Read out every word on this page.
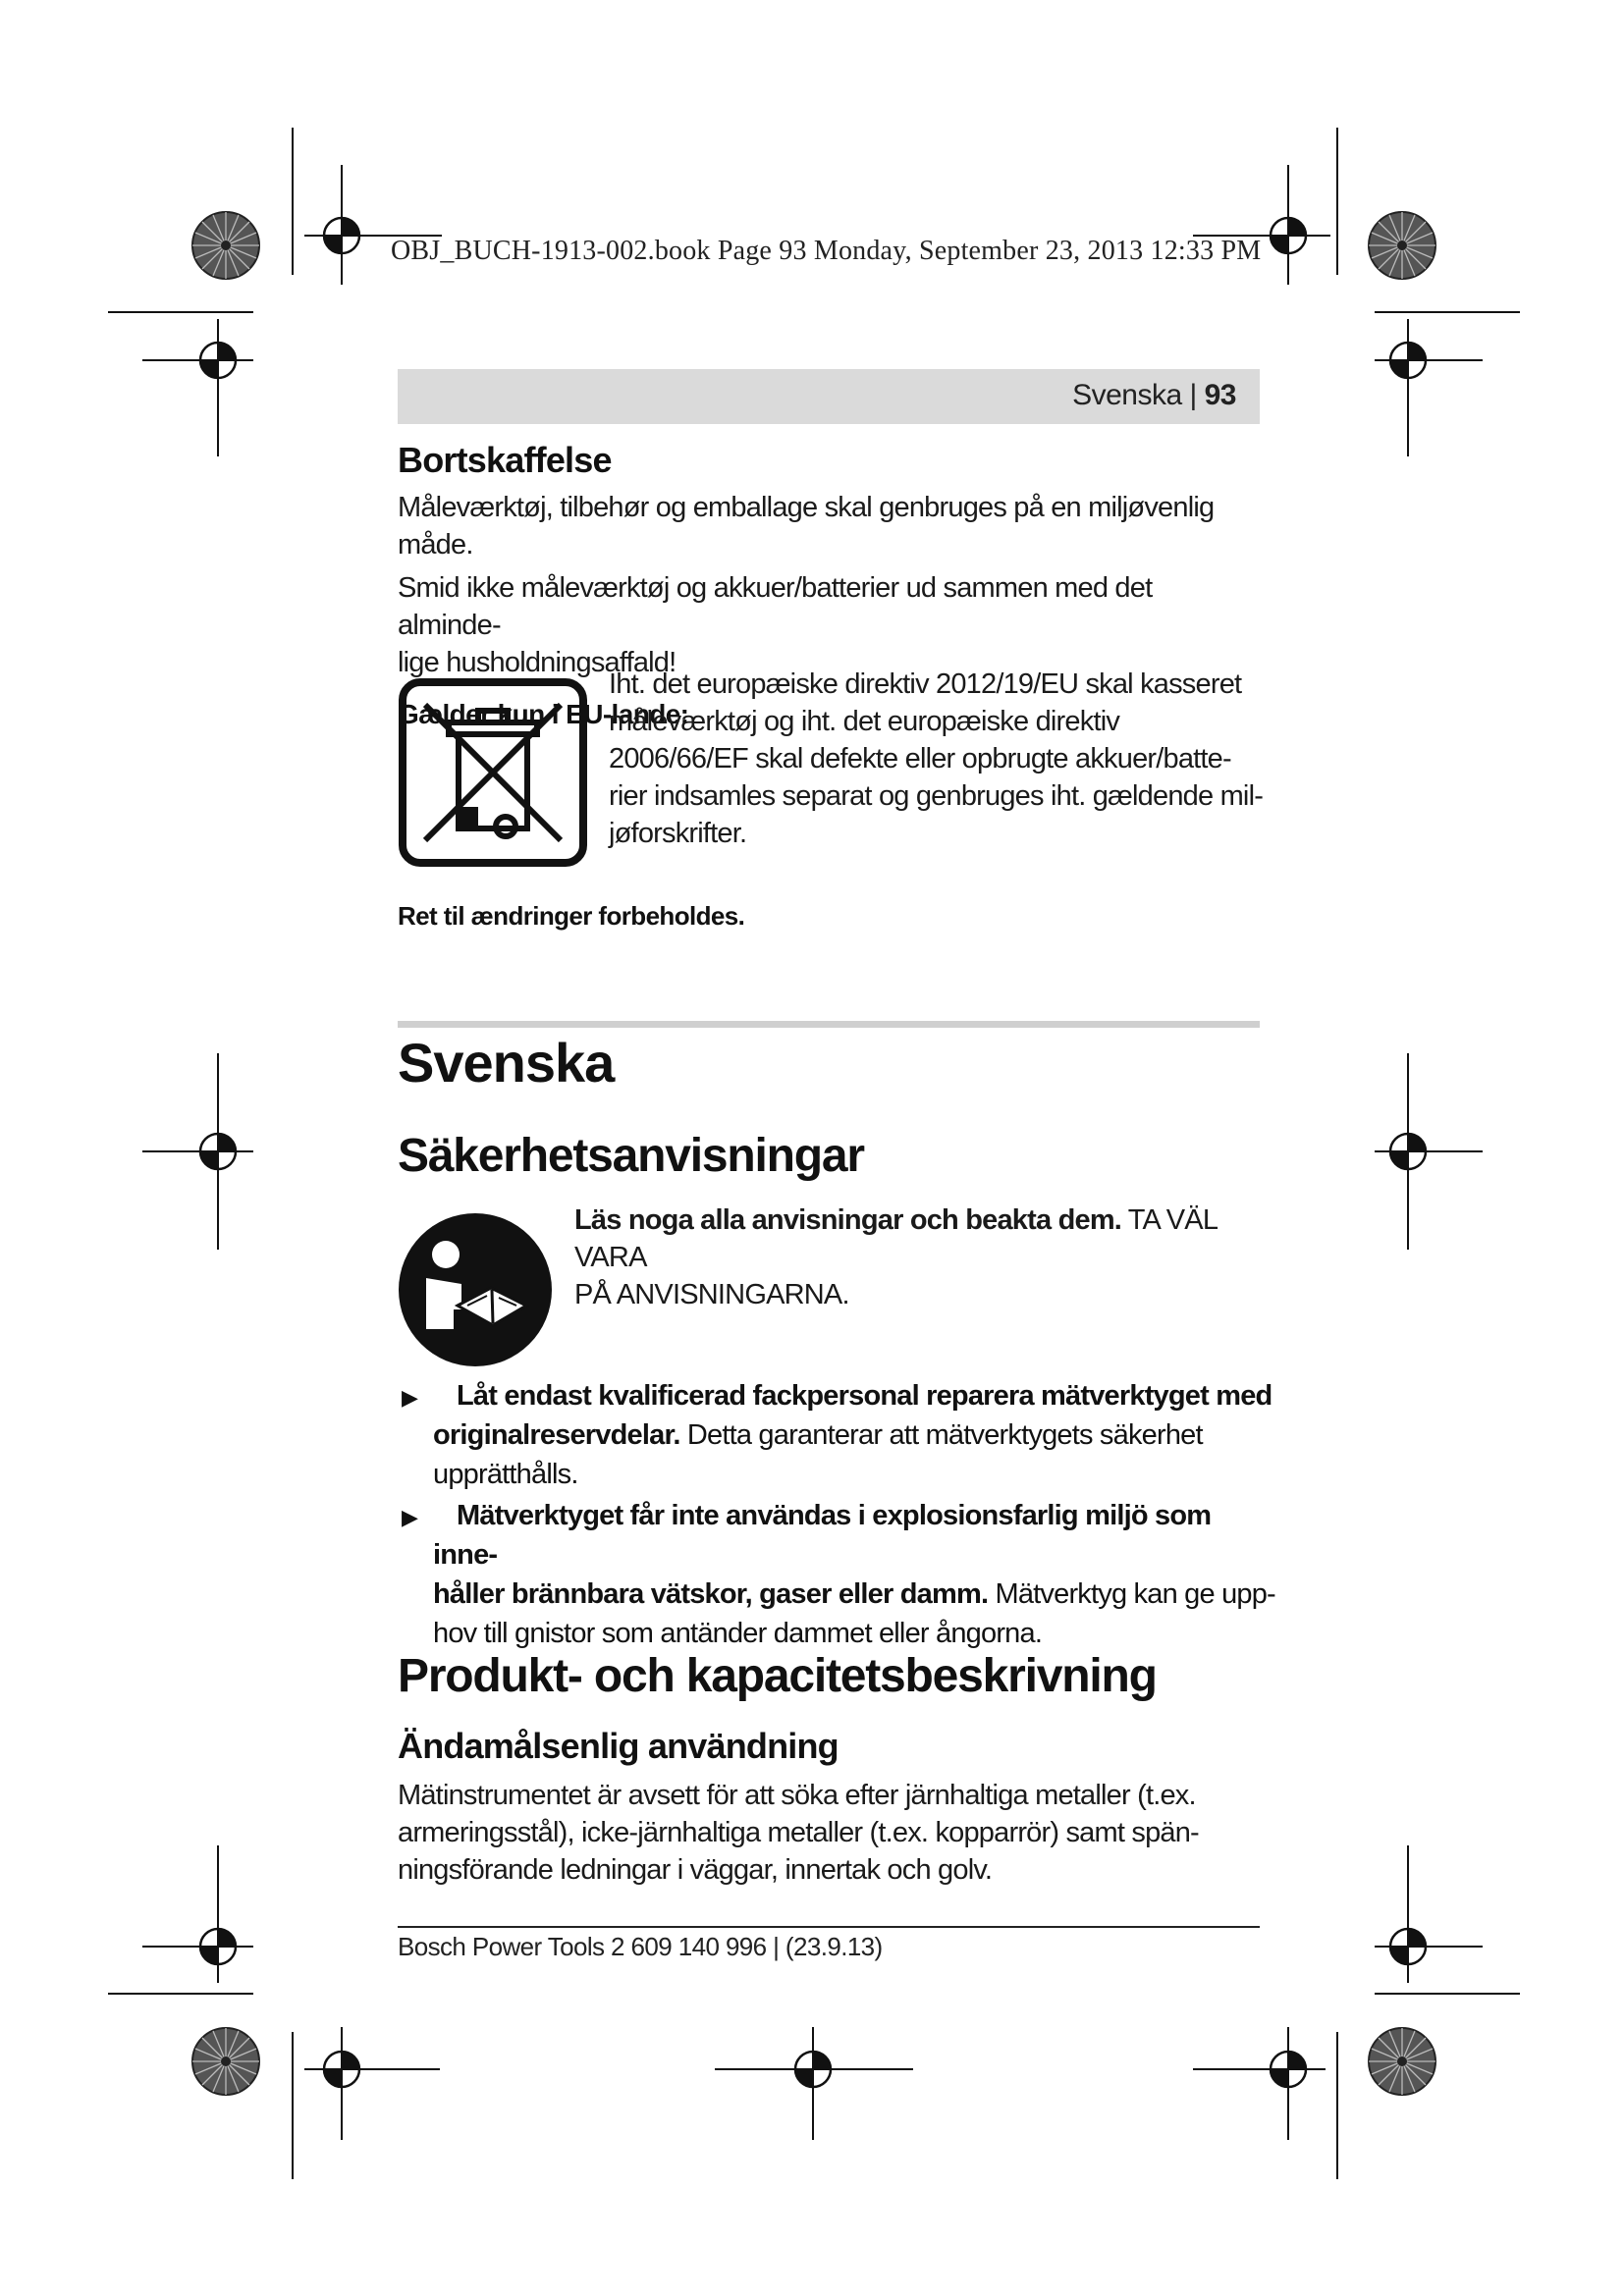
OBJ_BUCH-1913-002.book Page 93 Monday, September 23, 2013 12:33 PM
Svenska | 93
Bortskaffelse

Måleværktøj, tilbehør og emballage skal genbruges på en miljøvenlig måde.

Smid ikke måleværktøj og akkuer/batterier ud sammen med det alminde-

lige husholdningsaffald!

Gælder kun i EU-lande:

Iht. det europæiske direktiv 2012/19/EU skal kasseret

måleværktøj og iht. det europæiske direktiv

2006/66/EF skal defekte eller opbrugte akkuer/batte-

rier indsamles separat og genbruges iht. gældende mil-

jøforskrifter.

Ret til ændringer forbeholdes.
Svenska
Säkerhetsanvisningar

Läs noga alla anvisningar och beakta dem. TA VÄL VARA

PÅ ANVISNINGARNA.

▶ Låt endast kvalificerad fackpersonal reparera mätverktyget med
originalreservdelar. Detta garanterar att mätverktygets säkerhet
upprätthålls.
▶ Mätverktyget får inte användas i explosionsfarlig miljö som inne-
håller brännbara vätskor, gaser eller damm. Mätverktyg kan ge upp-
hov till gnistor som antänder dammet eller ångorna.
Produkt- och kapacitetsbeskrivning
Ändamålsenlig användning

Mätinstrumentet är avsett för att söka efter järnhaltiga metaller (t.ex.

armeringsstål), icke-järnhaltiga metaller (t.ex. kopparrör) samt spän-

ningsförande ledningar i väggar, innertak och golv.

Bosch Power Tools 2 609 140 996 | (23.9.13)
